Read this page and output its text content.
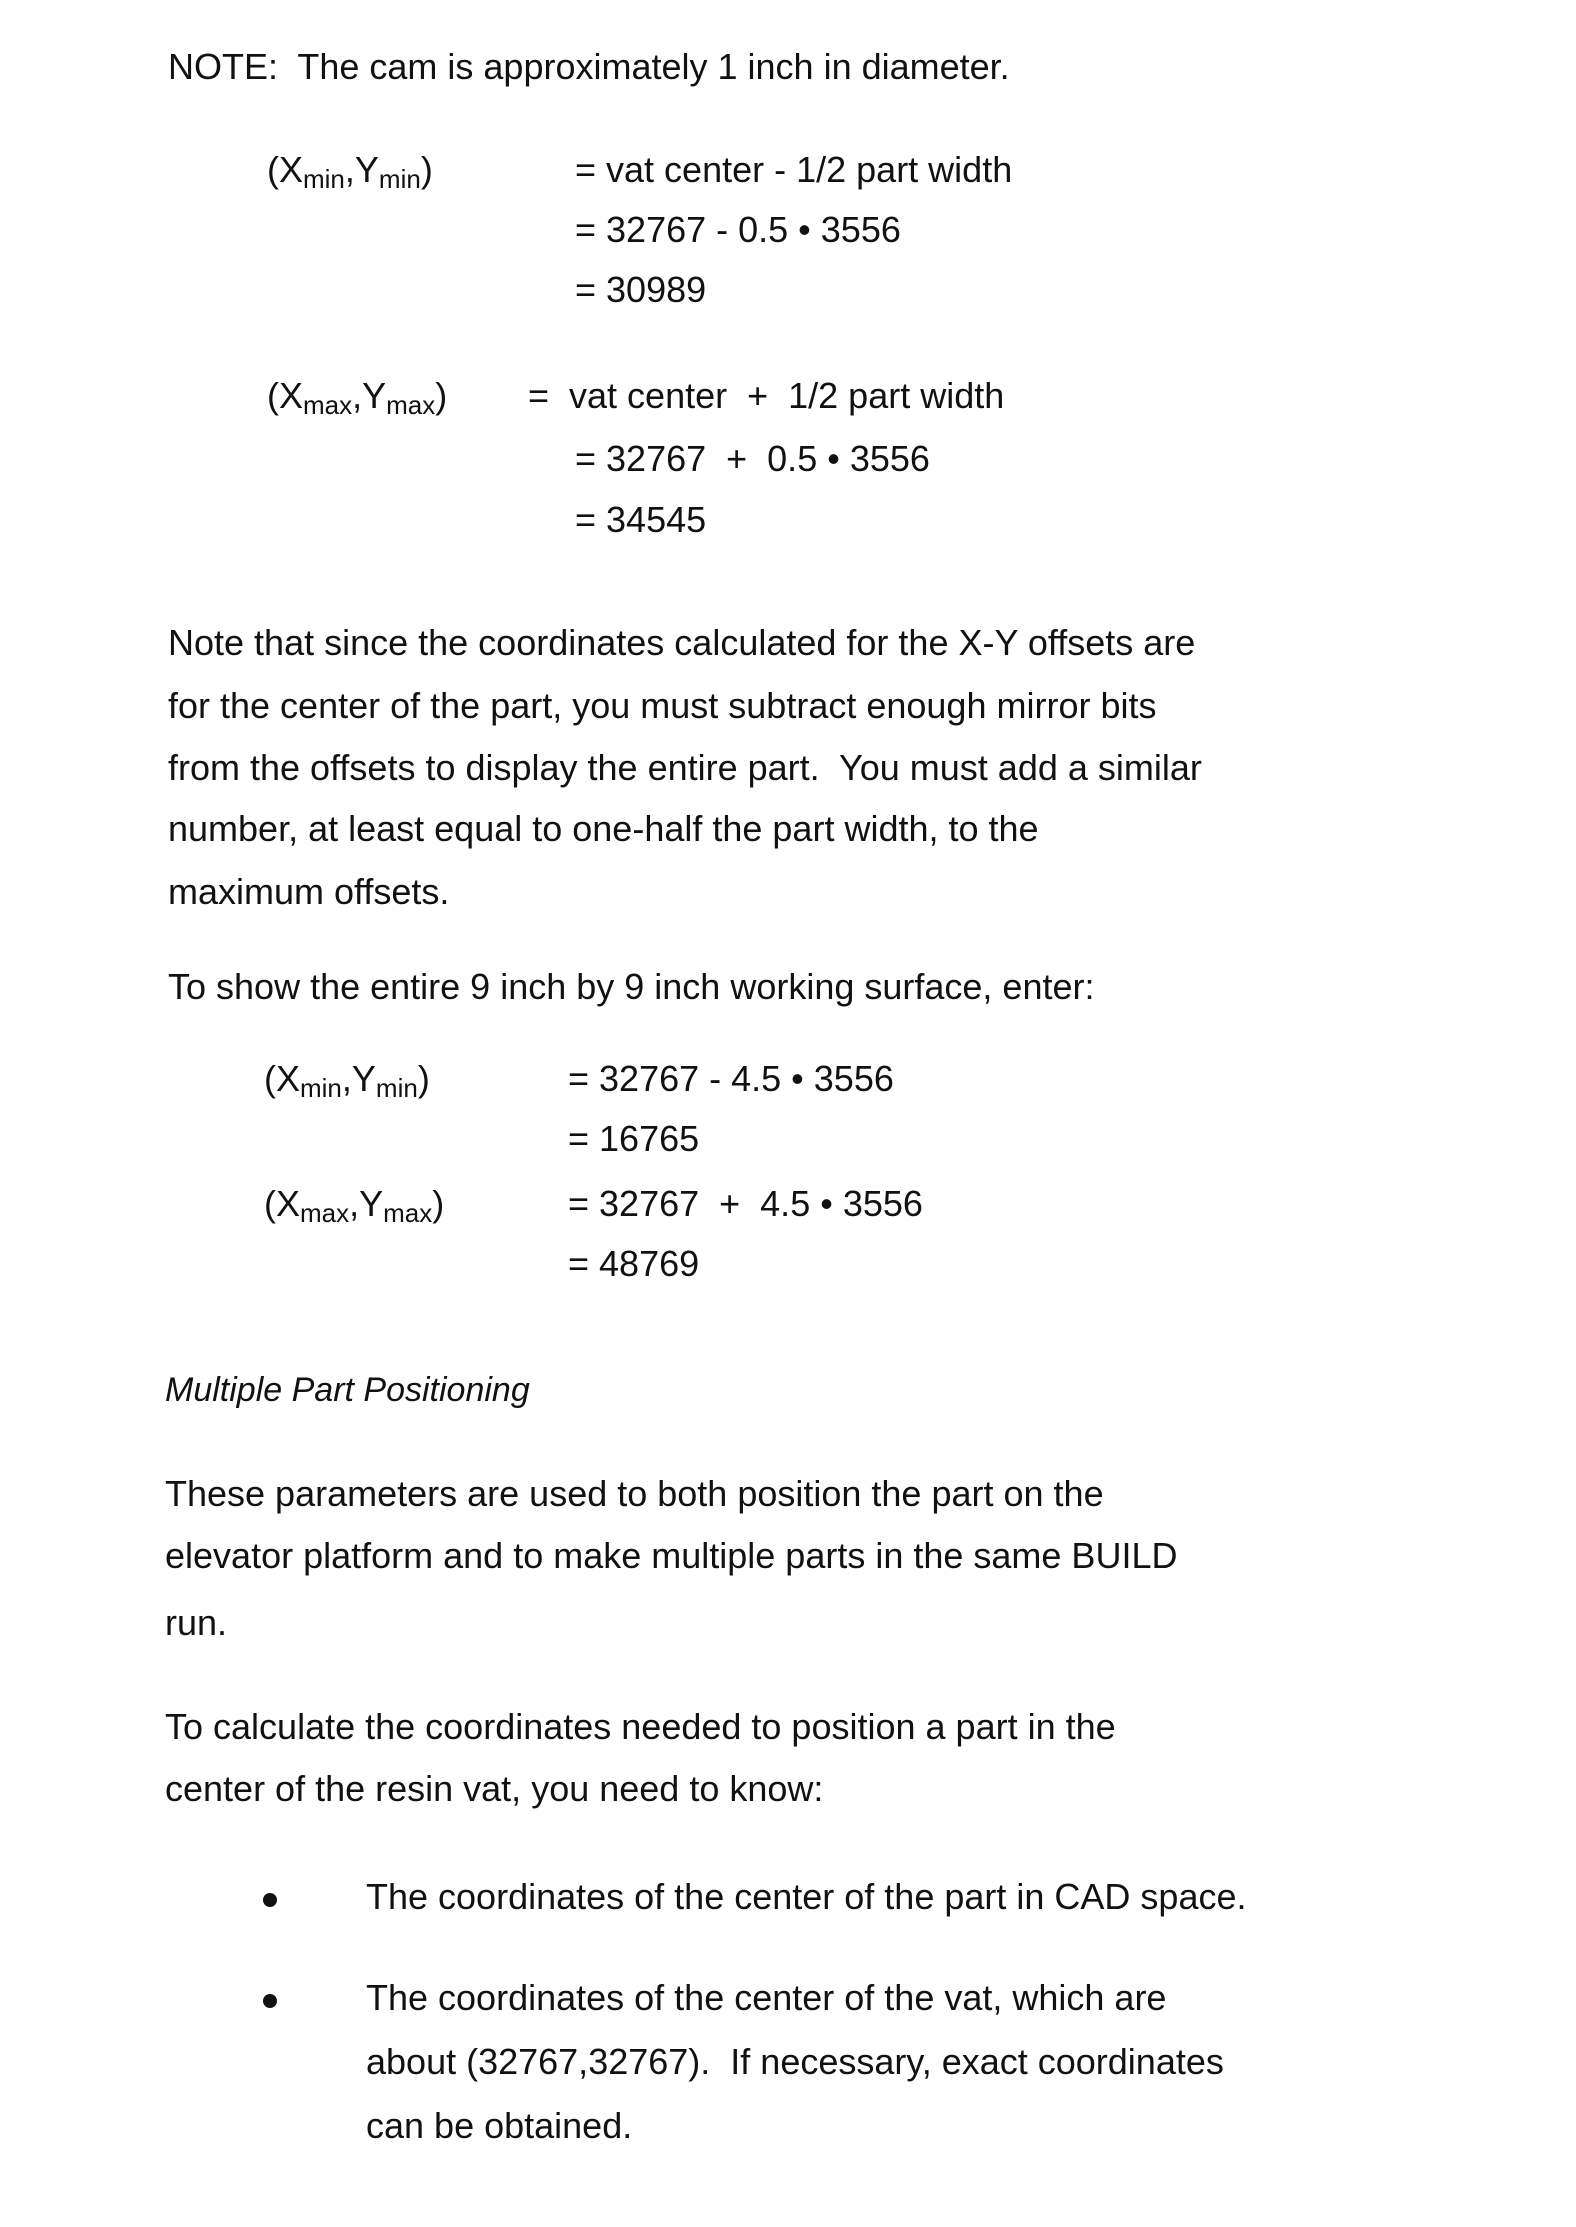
NOTE:  The cam is approximately 1 inch in diameter.
(Xmin,Ymin)	= vat center - 1/2 part width
= 32767 - 0.5 • 3556
= 30989
(Xmax,Ymax) =  vat center  +  1/2 part width
= 32767  +  0.5 • 3556
= 34545
Note that since the coordinates calculated for the X-Y offsets are
for the center of the part, you must subtract enough mirror bits
from the offsets to display the entire part.  You must add a similar
number, at least equal to one-half the part width, to the
maximum offsets.
To show the entire 9 inch by 9 inch working surface, enter:
(Xmin,Ymin)	= 32767 - 4.5 • 3556
= 16765
(Xmax,Ymax)	= 32767  +  4.5 • 3556
= 48769
Multiple Part Positioning
These parameters are used to both position the part on the
elevator platform and to make multiple parts in the same BUILD
run.
To calculate the coordinates needed to position a part in the
center of the resin vat, you need to know:
The coordinates of the center of the part in CAD space.
The coordinates of the center of the vat, which are
about (32767,32767).  If necessary, exact coordinates
can be obtained.
